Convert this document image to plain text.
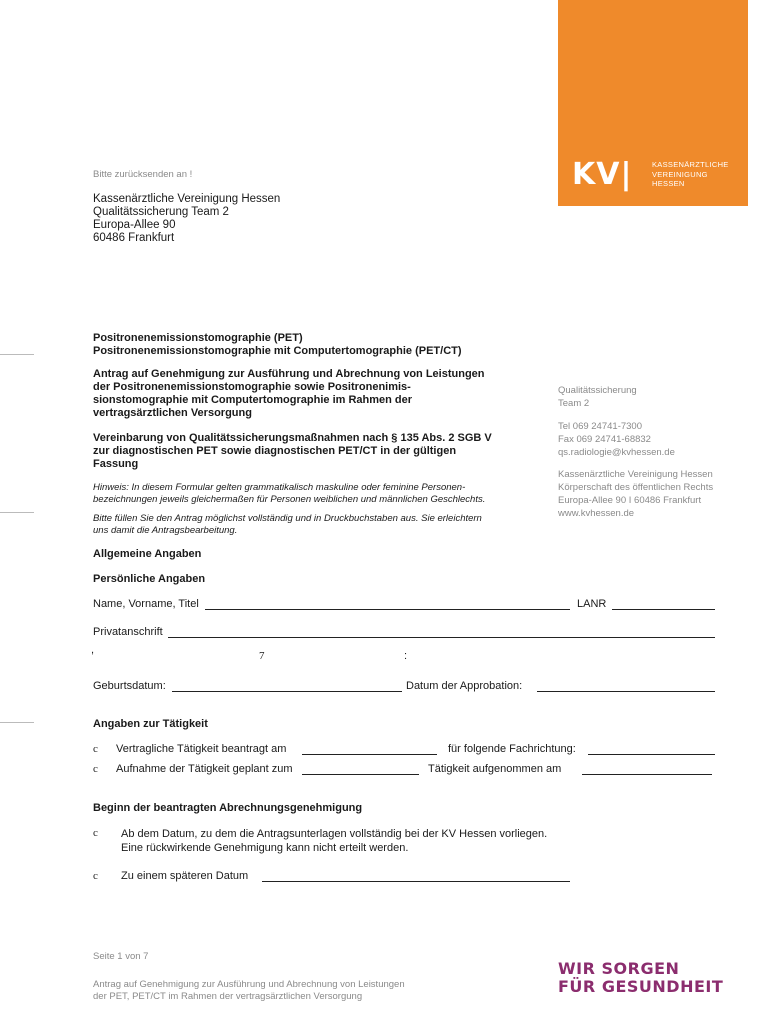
KV|	KASSENÄRZTLICHE
VEREINIGUNG
HESSEN
Bitte zurücksenden an !
Kassenärztliche Vereinigung Hessen
Qualitätssicherung Team 2
Europa-Allee 90
60486 Frankfurt
Positronenemissionstomographie (PET)
Positronenemissionstomographie mit Computertomographie (PET/CT)
Antrag auf Genehmigung zur Ausführung und Abrechnung von Leistungen
der Positronenemissionstomographie sowie Positronenimis-
sionstomographie mit Computertomographie im Rahmen der
vertragsärztlichen Versorgung
Vereinbarung von Qualitätssicherungsmaßnahmen nach § 135 Abs. 2 SGB V
zur diagnostischen PET sowie diagnostischen PET/CT in der gültigen
Fassung
Hinweis: In diesem Formular gelten grammatikalisch maskuline oder feminine Personen-
bezeichnungen jeweils gleichermaßen für Personen weiblichen und männlichen Geschlechts.
Bitte füllen Sie den Antrag möglichst vollständig und in Druckbuchstaben aus. Sie erleichtern
uns damit die Antragsbearbeitung.
Qualitätssicherung
Team 2
Tel 069 24741-7300
Fax 069 24741-68832
qs.radiologie@kvhessen.de
Kassenärztliche Vereinigung Hessen
Körperschaft des öffentlichen Rechts
Europa-Allee 90 I 60486 Frankfurt
www.kvhessen.de
Allgemeine Angaben
Persönliche Angaben
Name, Vorname, Titel	LANR
Privatanschrift
,	7	:
Geburtsdatum:	Datum der Approbation:
Angaben zur Tätigkeit
c Vertragliche Tätigkeit beantragt am	für folgende Fachrichtung:
c Aufnahme der Tätigkeit geplant zum	Tätigkeit aufgenommen am
Beginn der beantragten Abrechnungsgenehmigung
c Ab dem Datum, zu dem die Antragsunterlagen vollständig bei der KV Hessen vorliegen.
Eine rückwirkende Genehmigung kann nicht erteilt werden.
c Zu einem späteren Datum
Seite 1 von 7
Antrag auf Genehmigung zur Ausführung und Abrechnung von Leistungen
der PET, PET/CT im Rahmen der vertragsärztlichen Versorgung
WIR SORGEN
FÜR GESUNDHEIT
